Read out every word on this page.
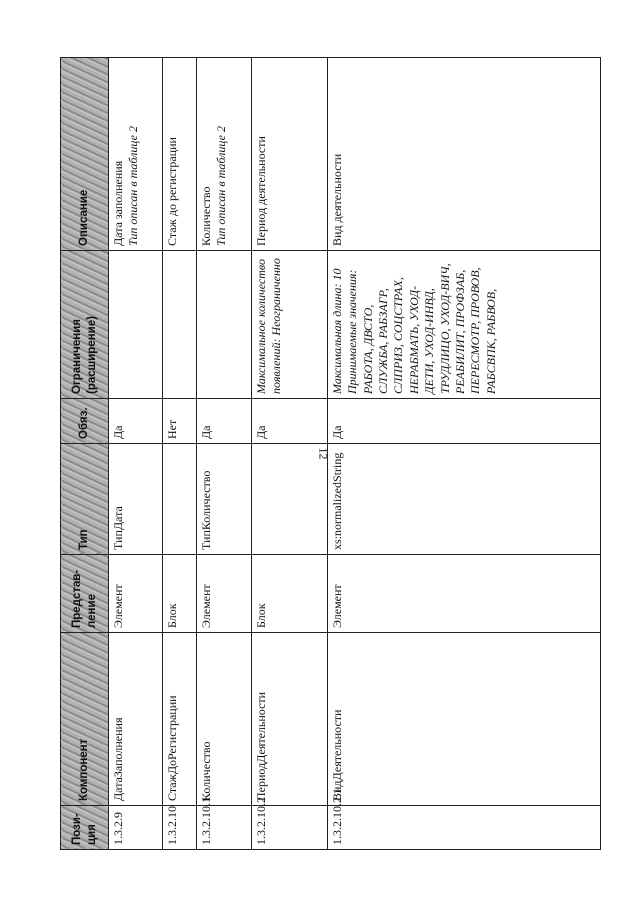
12
Пози-ция	Компонент	Представ-ление	Тип	Обяз.	Ограничения (расширение)	Описание
1.3.2.9	ДатаЗаполнения	Элемент	ТипДата	Да		Дата заполнения Тип описан в таблице 2

1.3.2.10	СтажДоРегистрации	Блок		Нет		Стаж до регистрации

1.3.2.10.1	Количество	Элемент	ТипКоличество	Да		Количество Тип описан в таблице 2

1.3.2.10.2	ПериодДеятельности	Блок		Да	Максимальное количество появлений: Неограниченно	Период деятельности

1.3.2.10.2.1	ВидДеятельности	Элемент	xs:normalizedString	Да	Максимальная длина: 10 Принимаемые значения: РАБОТА, ДВСТО, СЛУЖБА, РАБЗАГР, СЛПРИЗ, СОЦСТРАХ, НЕРАБМАТЬ, УХОД-ДЕТИ, УХОД-ИНВД, ТРУДЛИЦО, УХОД-ВИЧ, РЕАБИЛИТ, ПРОФЗАБ, ПЕРЕСМОТР, ПРОВОВ, РАБСВПК, РАБВОВ,	Вид деятельности
